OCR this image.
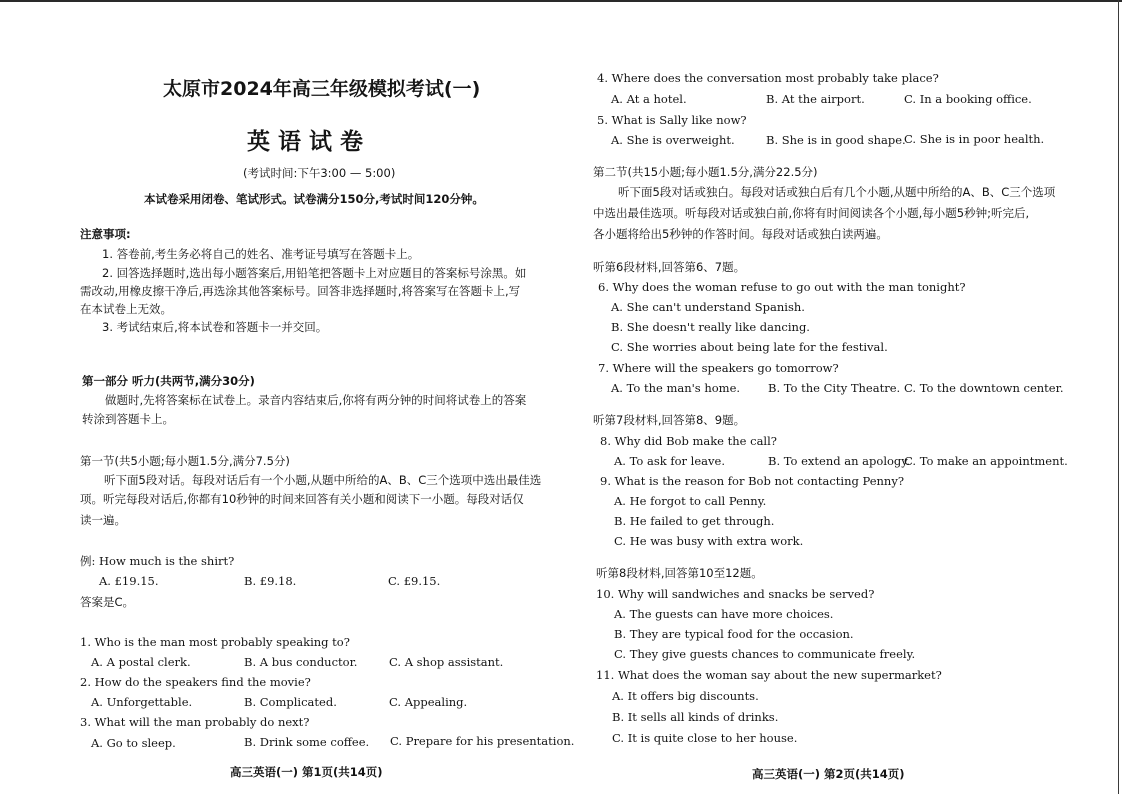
太原市2024年高三年级模拟考试(一)
英 语 试 卷
(考试时间:下午3:00 — 5:00)
本试卷采用闭卷、笔试形式。试卷满分150分,考试时间120分钟。
注意事项:
1. 答卷前,考生务必将自己的姓名、准考证号填写在答题卡上。
2. 回答选择题时,选出每小题答案后,用铅笔把答题卡上对应题目的答案标号涂黑。如
需改动,用橡皮擦干净后,再选涂其他答案标号。回答非选择题时,将答案写在答题卡上,写
在本试卷上无效。
3. 考试结束后,将本试卷和答题卡一并交回。
第一部分 听力(共两节,满分30分)
做题时,先将答案标在试卷上。录音内容结束后,你将有两分钟的时间将试卷上的答案
转涂到答题卡上。
第一节(共5小题;每小题1.5分,满分7.5分)
听下面5段对话。每段对话后有一个小题,从题中所给的A、B、C三个选项中选出最佳选
项。听完每段对话后,你都有10秒钟的时间来回答有关小题和阅读下一小题。每段对话仅
读一遍。
例: How much is the shirt?
A. £19.15.	B. £9.18.	C. £9.15.
答案是C。
1. Who is the man most probably speaking to?
A. A postal clerk.	B. A bus conductor.	C. A shop assistant.
2. How do the speakers find the movie?
A. Unforgettable.	B. Complicated.	C. Appealing.
3. What will the man probably do next?
A. Go to sleep.	B. Drink some coffee. C. Prepare for his presentation.
高三英语(一) 第1页(共14页)
4. Where does the conversation most probably take place?
A. At a hotel.	B. At the airport.	C. In a booking office.
5. What is Sally like now?
A. She is overweight.	B. She is in good shape.
C. She is in poor health.
第二节(共15小题;每小题1.5分,满分22.5分)
听下面5段对话或独白。每段对话或独白后有几个小题,从题中所给的A、B、C三个选项
中选出最佳选项。听每段对话或独白前,你将有时间阅读各个小题,每小题5秒钟;听完后,
各小题将给出5秒钟的作答时间。每段对话或独白读两遍。
听第6段材料,回答第6、7题。
6. Why does the woman refuse to go out with the man tonight?
A. She can't understand Spanish.
B. She doesn't really like dancing.
C. She worries about being late for the festival.
7. Where will the speakers go tomorrow?
A. To the man's home. B. To the City Theatre. C. To the downtown center.
听第7段材料,回答第8、9题。
8. Why did Bob make the call?
A. To ask for leave.	B. To extend an apology.
C. To make an appointment.
9. What is the reason for Bob not contacting Penny?
A. He forgot to call Penny.
B. He failed to get through.
C. He was busy with extra work.
听第8段材料,回答第10至12题。
10. Why will sandwiches and snacks be served?
A. The guests can have more choices.
B. They are typical food for the occasion.
C. They give guests chances to communicate freely.
11. What does the woman say about the new supermarket?
A. It offers big discounts.
B. It sells all kinds of drinks.
C. It is quite close to her house.
高三英语(一) 第2页(共14页)
